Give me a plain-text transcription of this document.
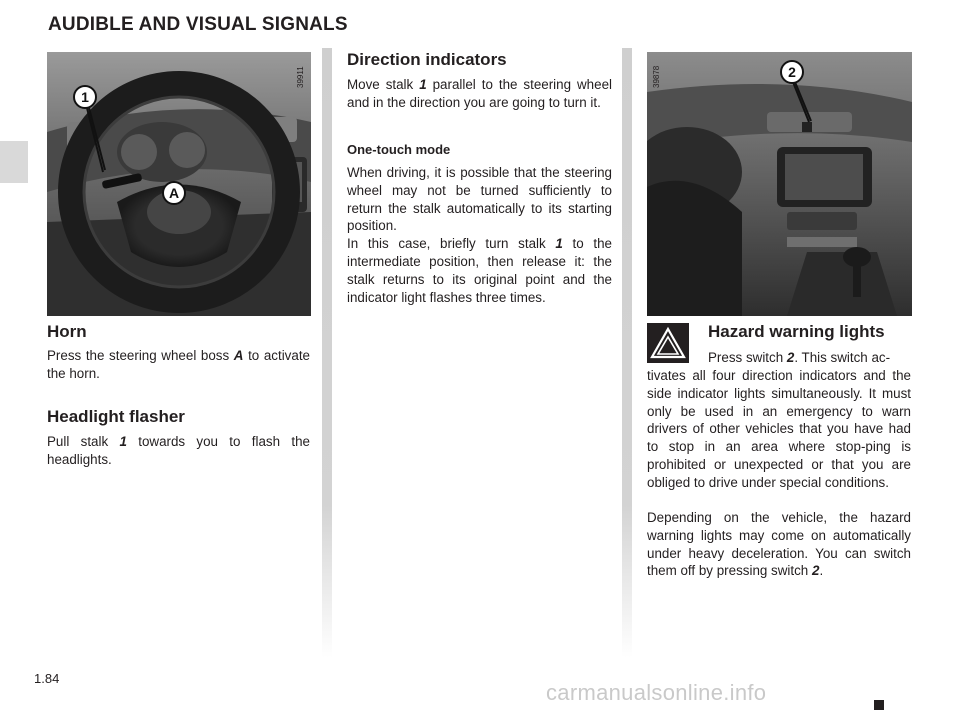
AUDIBLE AND VISUAL SIGNALS
1
A
39911	2
39878
Horn
Press the steering wheel boss A to activate the horn.
Headlight flasher
Pull stalk 1 towards you to flash the headlights.
Direction indicators
Move stalk 1 parallel to the steering wheel and in the direction you are going to turn it.
One-touch mode
When driving, it is possible that the steering wheel may not be turned sufficiently to return the stalk automatically to its starting position.
In this case, briefly turn stalk 1 to the intermediate position, then release it: the stalk returns to its original point and the indicator light flashes three times.
Hazard warning lights
Press switch 2. This switch ac-
tivates all four direction indicators and the side indicator lights simultaneously. It must only be used in an emergency to warn drivers of other vehicles that you have had to stop in an area where stop-ping is prohibited or unexpected or that you are obliged to drive under special conditions.
Depending on the vehicle, the hazard warning lights may come on automatically under heavy deceleration. You can switch them off by pressing switch 2.
1.84
carmanualsonline.info
